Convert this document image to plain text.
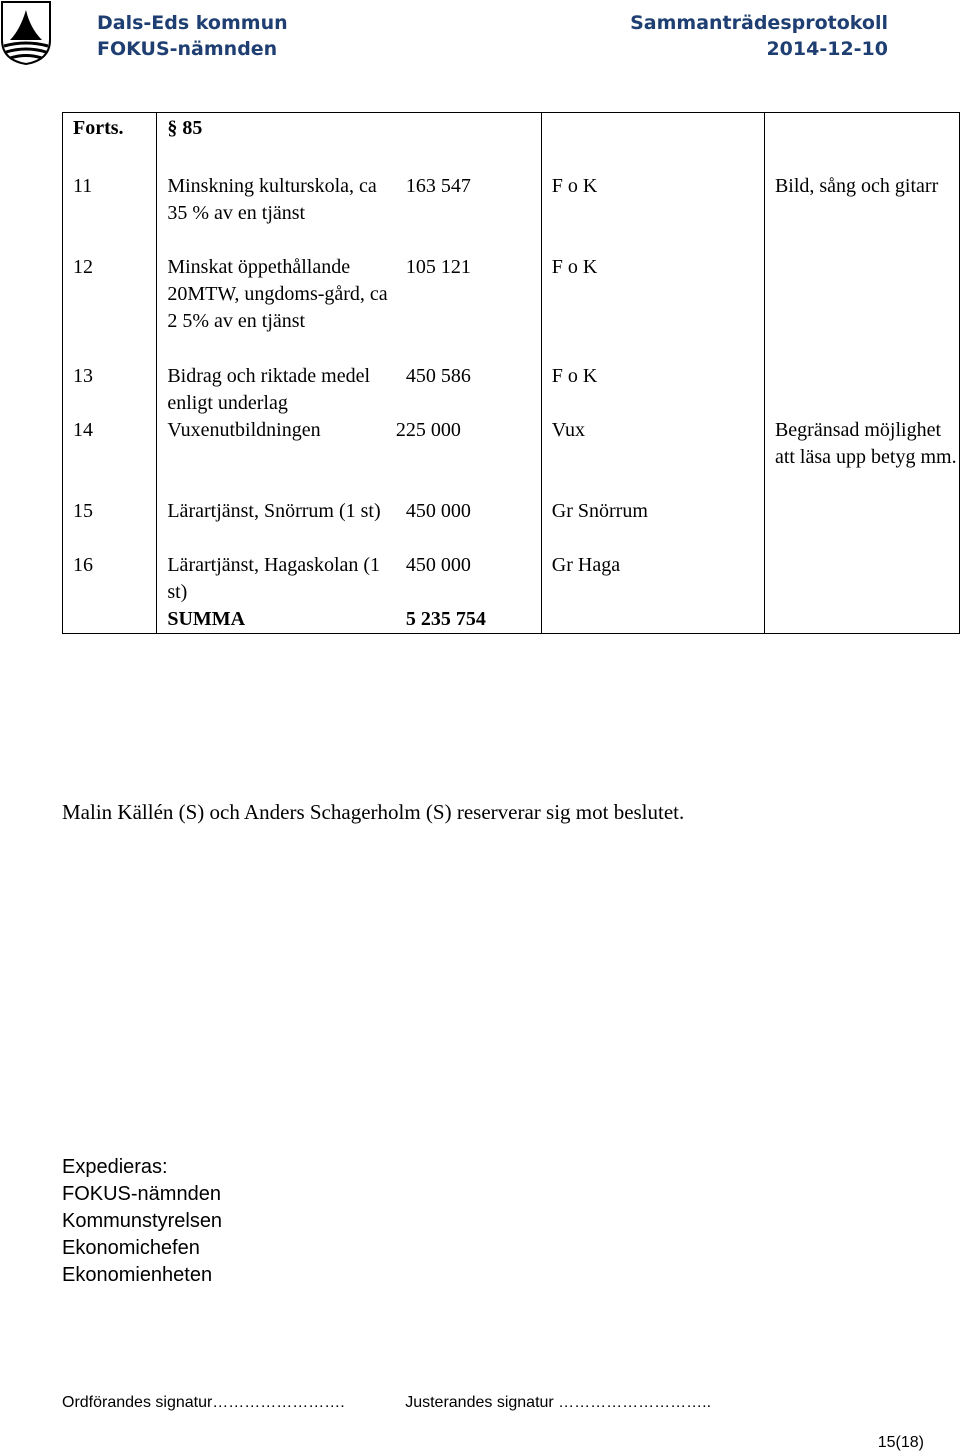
Dals-Eds kommun
FOKUS-nämnden
Sammanträdesprotokoll
2014-12-10
Forts.	§ 85			
11	Minskning kulturskola, ca 35 % av en tjänst	163 547	F o K	Bild, sång och gitarr
12	Minskat öppethållande 20MTW, ungdoms-gård, ca 2 5% av en tjänst	105 121	F o K	
13	Bidrag och riktade medel enligt underlag	450 586	F o K	
14	Vuxenutbildningen	225 000	Vux	Begränsad möjlighet att läsa upp betyg mm.
15	Lärartjänst, Snörrum (1 st)	450 000	Gr Snörrum	
16	Lärartjänst, Hagaskolan (1 st)	450 000	Gr Haga	
	SUMMA	5 235 754		
Malin Källén (S) och Anders Schagerholm (S) reserverar sig mot beslutet.
Expedieras:
FOKUS-nämnden
Kommunstyrelsen
Ekonomichefen
Ekonomienheten
Ordförandes signatur…………………….	Justerandes signatur ………………………..
15(18)
